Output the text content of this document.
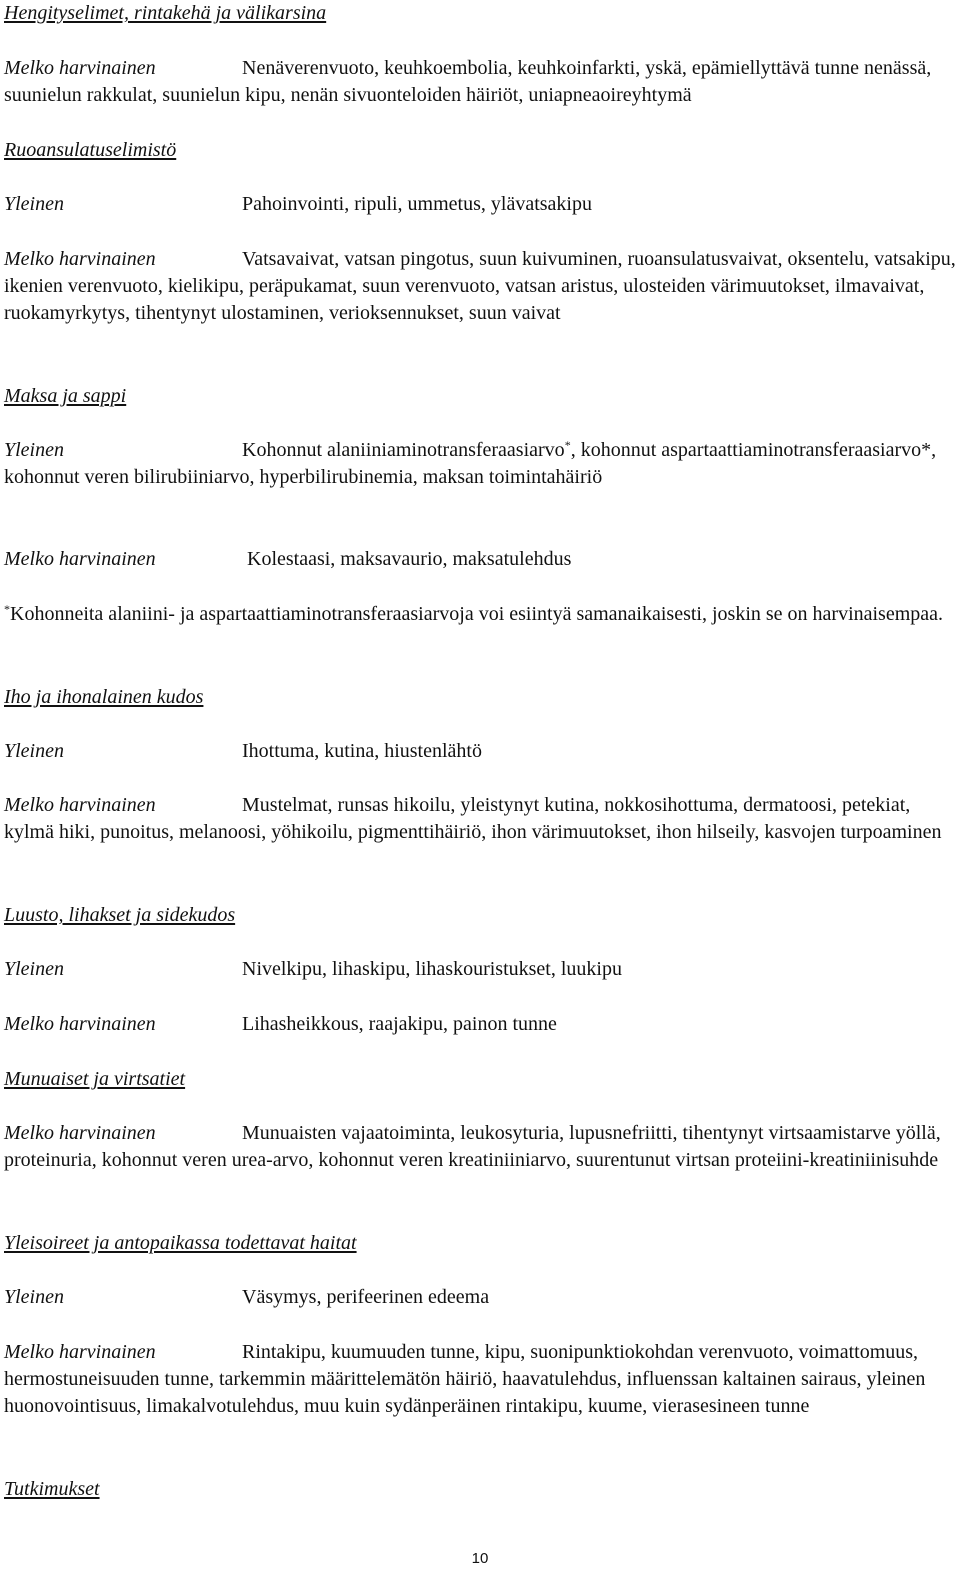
Hengityselimet, rintakehä ja välikarsina

Melko harvinainen	Nenäverenvuoto, keuhkoembolia, keuhkoinfarkti, yskä, epämiellyttävä tunne nenässä, suunielun rakkulat, suunielun kipu, nenän sivuonteloiden häiriöt, uniapneaoireyhtymä

Ruoansulatuselimistö

Yleinen	Pahoinvointi, ripuli, ummetus, ylävatsakipu

Melko harvinainen	Vatsavaivat, vatsan pingotus, suun kuivuminen, ruoansulatusvaivat, oksentelu, vatsakipu, ikenien verenvuoto, kielikipu, peräpukamat, suun verenvuoto, vatsan aristus, ulosteiden värimuutokset, ilmavaivat, ruokamyrkytys, tihentynyt ulostaminen, verioksennukset, suun vaivat

Maksa ja sappi

Yleinen	Kohonnut alaniiniaminotransferaasiarvo*, kohonnut aspartaattiaminotransferaasiarvo*, kohonnut veren bilirubiiniarvo, hyperbilirubinemia, maksan toimintahäiriö

Melko harvinainen	Kolestaasi, maksavaurio, maksatulehdus

*Kohonneita alaniini- ja aspartaattiaminotransferaasiarvoja voi esiintyä samanaikaisesti, joskin se on harvinaisempaa.

Iho ja ihonalainen kudos

Yleinen	Ihottuma, kutina, hiustenlähtö

Melko harvinainen	Mustelmat, runsas hikoilu, yleistynyt kutina, nokkosihottuma, dermatoosi, petekiat, kylmä hiki, punoitus, melanoosi, yöhikoilu, pigmenttihäiriö, ihon värimuutokset, ihon hilseily, kasvojen turpoaminen

Luusto, lihakset ja sidekudos

Yleinen	Nivelkipu, lihaskipu, lihaskouristukset, luukipu

Melko harvinainen	Lihasheikkous, raajakipu, painon tunne

Munuaiset ja virtsatiet

Melko harvinainen	Munuaisten vajaatoiminta, leukosyturia, lupusnefriitti, tihentynyt virtsaamistarve yöllä, proteinuria, kohonnut veren urea-arvo, kohonnut veren kreatiniiniarvo, suurentunut virtsan proteiini-kreatiniinisuhde

Yleisoireet ja antopaikassa todettavat haitat

Yleinen	Väsymys, perifeerinen edeema

Melko harvinainen	Rintakipu, kuumuuden tunne, kipu, suonipunktiokohdan verenvuoto, voimattomuus, hermostuneisuuden tunne, tarkemmin määrittelemätön häiriö, haavatulehdus, influenssan kaltainen sairaus, yleinen huonovointisuus, limakalvotulehdus, muu kuin sydänperäinen rintakipu, kuume, vierasesineen tunne

Tutkimukset

10
